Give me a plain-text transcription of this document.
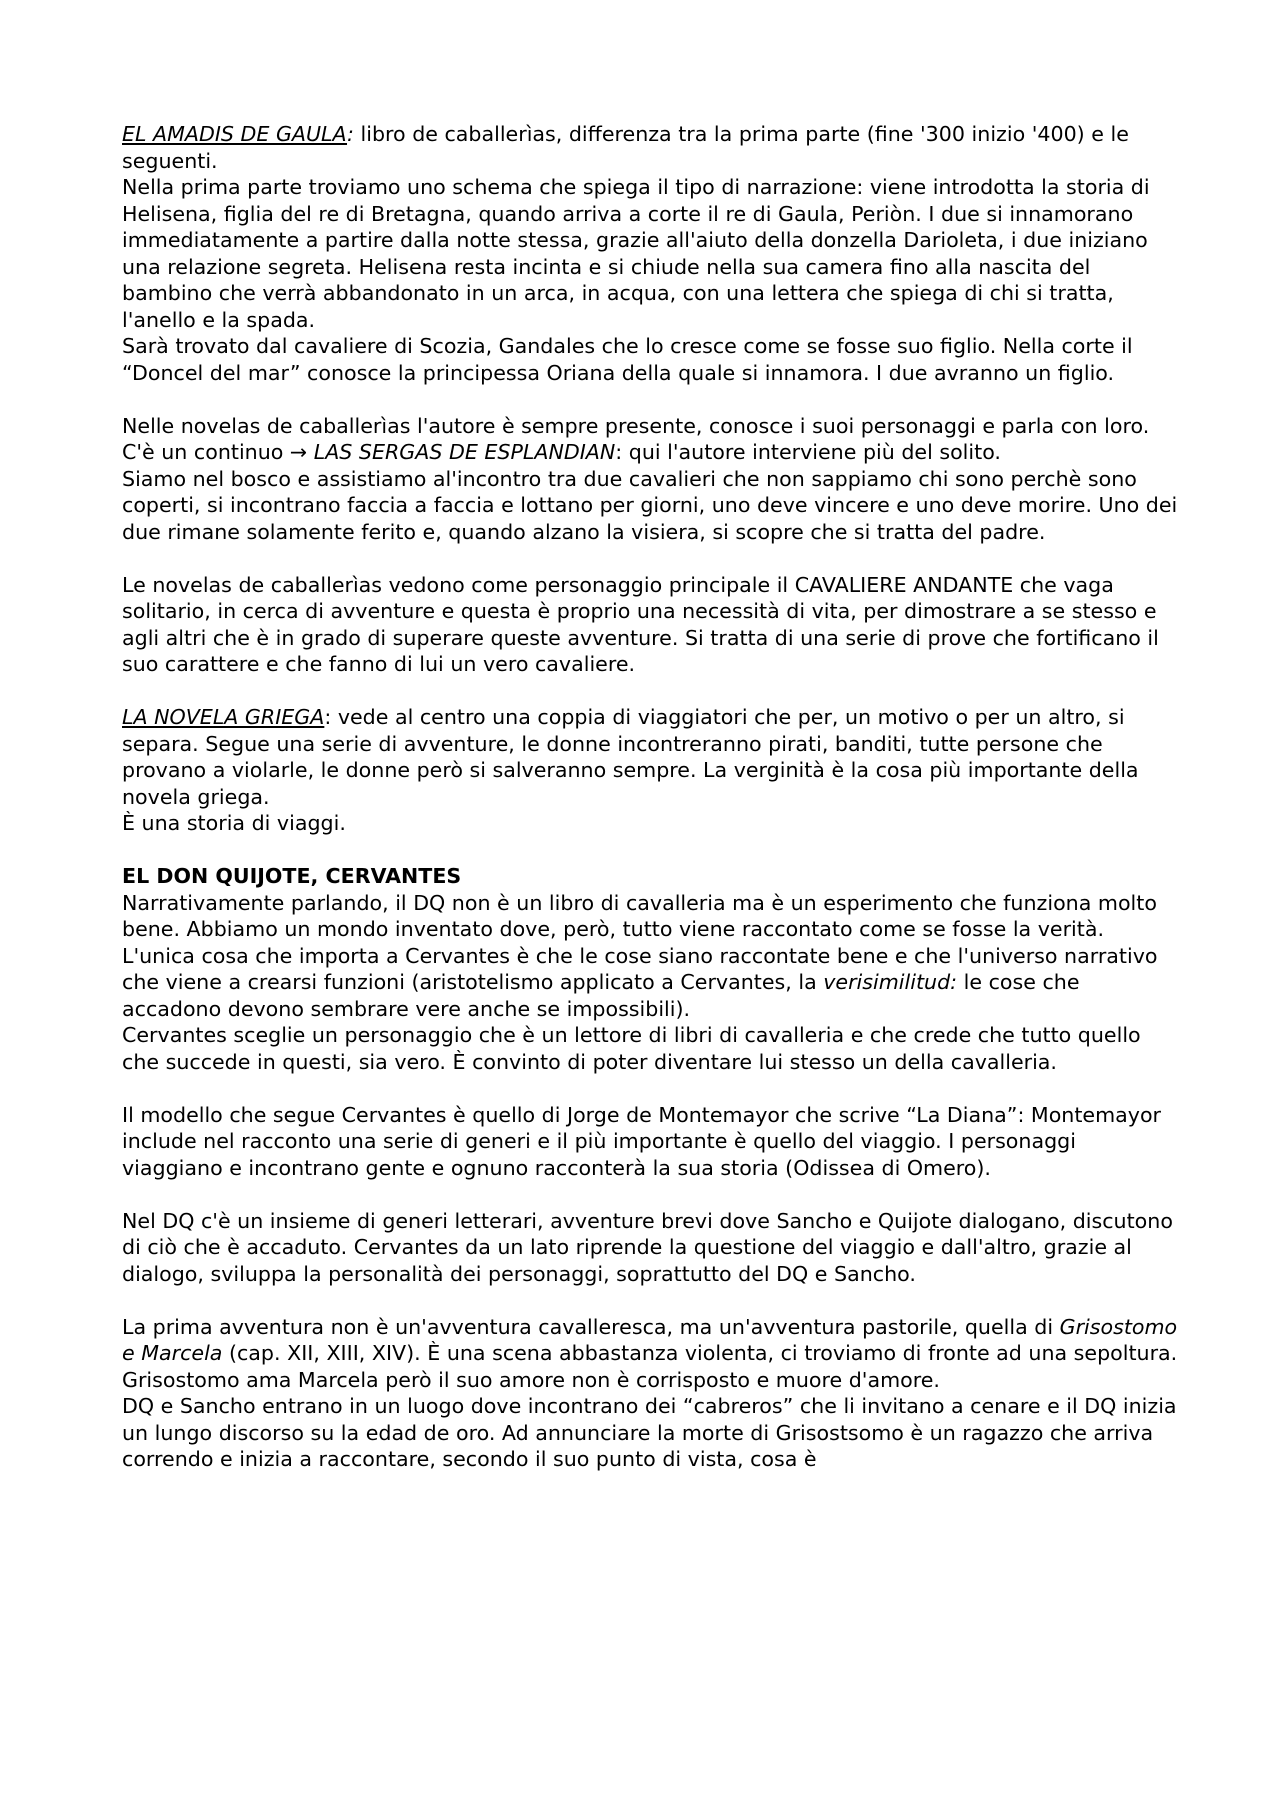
EL AMADIS DE GAULA: libro de caballerìas, differenza tra la prima parte (fine '300 inizio '400) e le seguenti.

Nella prima parte troviamo uno schema che spiega il tipo di narrazione: viene introdotta la storia di Helisena, figlia del re di Bretagna, quando arriva a corte il re di Gaula, Periòn. I due si innamorano immediatamente a partire dalla notte stessa, grazie all'aiuto della donzella Darioleta, i due iniziano una relazione segreta. Helisena resta incinta e si chiude nella sua camera fino alla nascita del bambino che verrà abbandonato in un arca, in acqua, con una lettera che spiega di chi si tratta, l'anello e la spada.

Sarà trovato dal cavaliere di Scozia, Gandales che lo cresce come se fosse suo figlio. Nella corte il “Doncel del mar” conosce la principessa Oriana della quale si innamora. I due avranno un figlio.

Nelle novelas de caballerìas l'autore è sempre presente, conosce i suoi personaggi e parla con loro.

C'è un continuo → LAS SERGAS DE ESPLANDIAN: qui l'autore interviene più del solito.

Siamo nel bosco e assistiamo al'incontro tra due cavalieri che non sappiamo chi sono perchè sono coperti, si incontrano faccia a faccia e lottano per giorni, uno deve vincere e uno deve morire. Uno dei due rimane solamente ferito e, quando alzano la visiera, si scopre che si tratta del padre.

Le novelas de caballerìas vedono come personaggio principale il CAVALIERE ANDANTE che vaga solitario, in cerca di avventure e questa è proprio una necessità di vita, per dimostrare a se stesso e agli altri che è in grado di superare queste avventure. Si tratta di una serie di prove che fortificano il suo carattere e che fanno di lui un vero cavaliere.

LA NOVELA GRIEGA: vede al centro una coppia di viaggiatori che per, un motivo o per un altro, si separa. Segue una serie di avventure, le donne incontreranno pirati, banditi, tutte persone che provano a violarle, le donne però si salveranno sempre. La verginità è la cosa più importante della novela griega.

È una storia di viaggi.

EL DON QUIJOTE, CERVANTES

Narrativamente parlando, il DQ non è un libro di cavalleria ma è un esperimento che funziona molto bene. Abbiamo un mondo inventato dove, però, tutto viene raccontato come se fosse la verità. L'unica cosa che importa a Cervantes è che le cose siano raccontate bene e che l'universo narrativo che viene a crearsi funzioni (aristotelismo applicato a Cervantes, la verisimilitud: le cose che accadono devono sembrare vere anche se impossibili).

Cervantes sceglie un personaggio che è un lettore di libri di cavalleria e che crede che tutto quello che succede in questi, sia vero. È convinto di poter diventare lui stesso un della cavalleria.

Il modello che segue Cervantes è quello di Jorge de Montemayor che scrive “La Diana”: Montemayor include nel racconto una serie di generi e il più importante è quello del viaggio. I personaggi viaggiano e incontrano gente e ognuno racconterà la sua storia (Odissea di Omero).

Nel DQ c'è un insieme di generi letterari, avventure brevi dove Sancho e Quijote dialogano, discutono di ciò che è accaduto. Cervantes da un lato riprende la questione del viaggio e dall'altro, grazie al dialogo, sviluppa la personalità dei personaggi, soprattutto del DQ e Sancho.

La prima avventura non è un'avventura cavalleresca, ma un'avventura pastorile, quella di Grisostomo e Marcela (cap. XII, XIII, XIV). È una scena abbastanza violenta, ci troviamo di fronte ad una sepoltura. Grisostomo ama Marcela però il suo amore non è corrisposto e muore d'amore.

DQ e Sancho entrano in un luogo dove incontrano dei “cabreros” che li invitano a cenare e il DQ inizia un lungo discorso su la edad de oro. Ad annunciare la morte di Grisostsomo è un ragazzo che arriva correndo e inizia a raccontare, secondo il suo punto di vista, cosa è
